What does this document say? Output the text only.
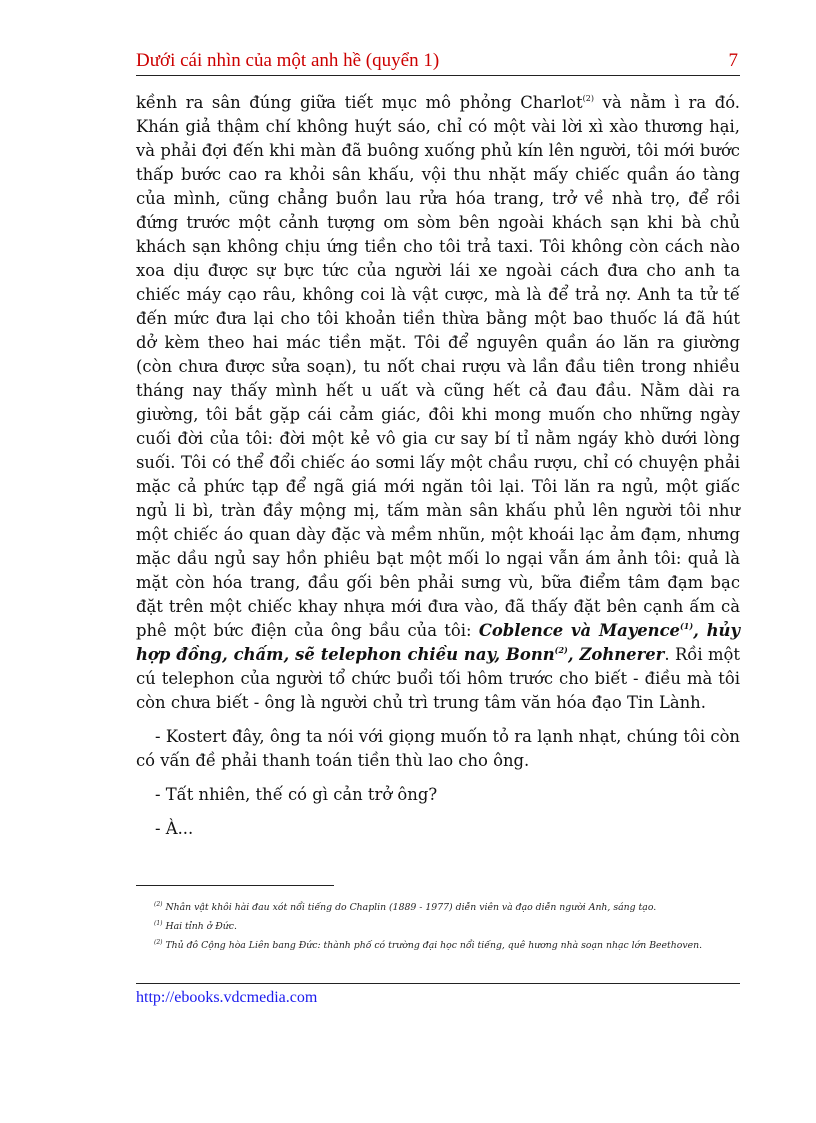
Dưới cái nhìn của một anh hề (quyển 1)	7

kềnh ra sân đúng giữa tiết mục mô phỏng Charlot$^{(2)}$ và nằm ì ra đó. Khán giả thậm chí không huýt sáo, chỉ có một vài lời xì xào thương hại, và phải đợi đến khi màn đã buông xuống phủ kín lên người, tôi mới bước thấp bước cao ra khỏi sân khấu, vội thu nhặt mấy chiếc quần áo tàng của mình, cũng chẳng buồn lau rửa hóa trang, trở về nhà trọ, để rồi đứng trước một cảnh tượng om sòm bên ngoài khách sạn khi bà chủ khách sạn không chịu ứng tiền cho tôi trả taxi. Tôi không còn cách nào xoa dịu được sự bực tức của người lái xe ngoài cách đưa cho anh ta chiếc máy cạo râu, không coi là vật cược, mà là để trả nợ. Anh ta tử tế đến mức đưa lại cho tôi khoản tiền thừa bằng một bao thuốc lá đã hút dở kèm theo hai mác tiền mặt. Tôi để nguyên quần áo lăn ra giường (còn chưa được sửa soạn), tu nốt chai rượu và lần đầu tiên trong nhiều tháng nay thấy mình hết u uất và cũng hết cả đau đầu. Nằm dài ra giường, tôi bắt gặp cái cảm giác, đôi khi mong muốn cho những ngày cuối đời của tôi: đời một kẻ vô gia cư say bí tỉ nằm ngáy khò dưới lòng suối. Tôi có thể đổi chiếc áo sơmi lấy một chầu rượu, chỉ có chuyện phải mặc cả phức tạp để ngã giá mới ngăn tôi lại. Tôi lăn ra ngủ, một giấc ngủ li bì, tràn đầy mộng mị, tấm màn sân khấu phủ lên người tôi như một chiếc áo quan dày đặc và mềm nhũn, một khoái lạc ảm đạm, nhưng mặc dầu ngủ say hồn phiêu bạt một mối lo ngại vẫn ám ảnh tôi: quả là mặt còn hóa trang, đầu gối bên phải sưng vù, bữa điểm tâm đạm bạc đặt trên một chiếc khay nhựa mới đưa vào, đã thấy đặt bên cạnh ấm cà phê một bức điện của ông bầu của tôi: Coblence và Mayence$^{(1)}$, hủy hợp đồng, chấm, sẽ telephon chiều nay, Bonn$^{(2)}$, Zohnerer. Rồi một cú telephon của người tổ chức buổi tối hôm trước cho biết - điều mà tôi còn chưa biết - ông là người chủ trì trung tâm văn hóa đạo Tin Lành.

- Kostert đây, ông ta nói với giọng muốn tỏ ra lạnh nhạt, chúng tôi còn có vấn đề phải thanh toán tiền thù lao cho ông.

- Tất nhiên, thế có gì cản trở ông?

- À...

$^{(2)}$ Nhân vật khôi hài đau xót nổi tiếng do Chaplin (1889 - 1977) diễn viên và đạo diễn người Anh, sáng tạo.

$^{(1)}$ Hai tỉnh ở Đức.

$^{(2)}$ Thủ đô Cộng hòa Liên bang Đức: thành phố có trường đại học nổi tiếng, quê hương nhà soạn nhạc lớn Beethoven.

http://ebooks.vdcmedia.com
